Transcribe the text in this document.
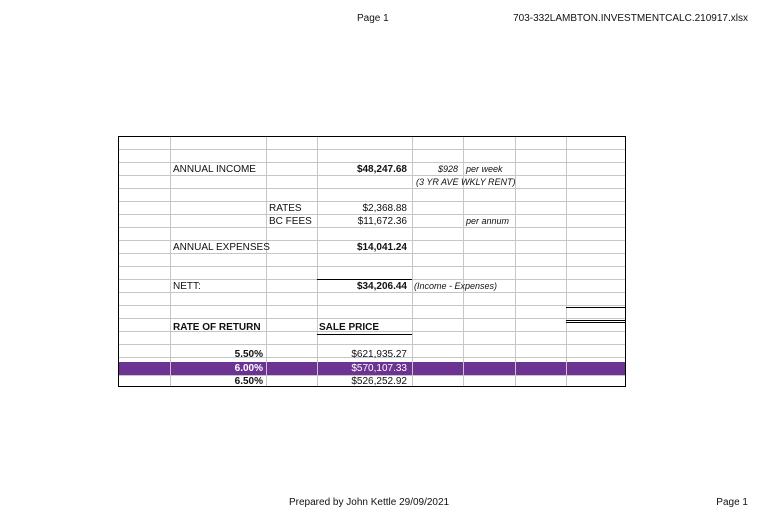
Page 1	703-332LAMBTON.INVESTMENTCALC.210917.xlsx
ANNUAL INCOME	$48,247.68	$928 per week
(3 YR AVE WKLY RENT)
RATES	$2,368.88
BC FEES	$11,672.36	per annum
ANNUAL EXPENSES	$14,041.24
NETT:	$34,206.44 (Income - Expenses)
RATE OF RETURN	SALE PRICE
5.50%	$621,935.27
6.00%	$570,107.33
6.50%	$526,252.92
Prepared by John Kettle 29/09/2021	Page 1
